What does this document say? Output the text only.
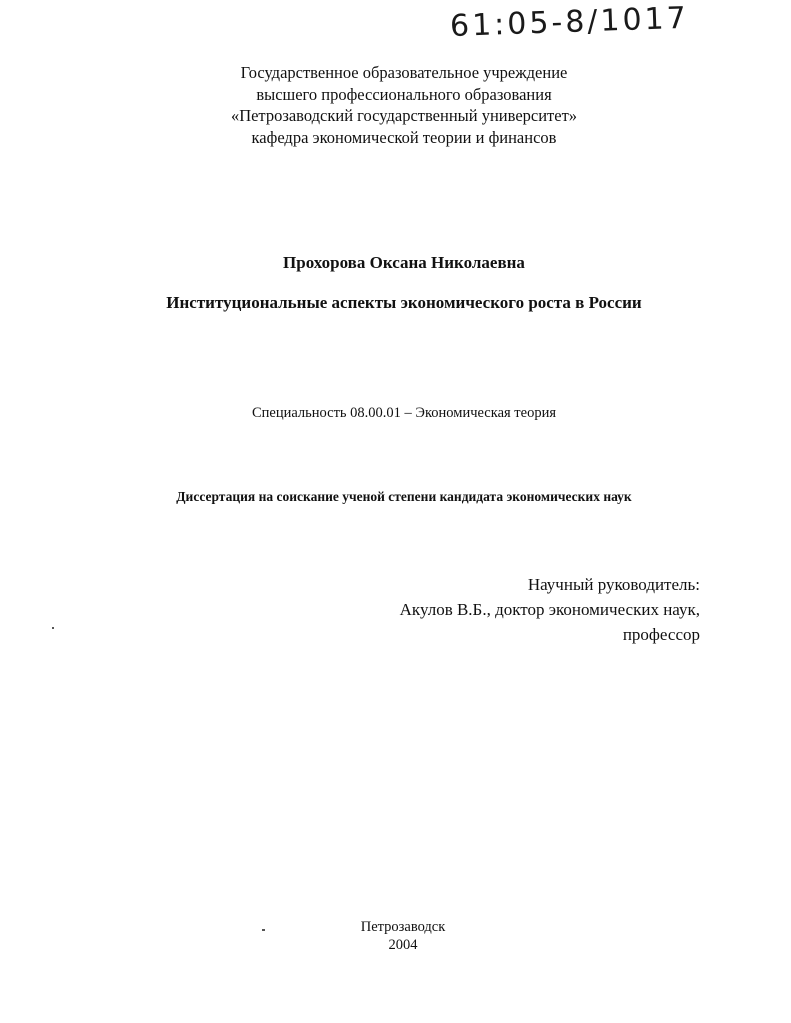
61:05-8/1017
Государственное образовательное учреждение
высшего профессионального образования
«Петрозаводский государственный университет»
кафедра экономической теории и финансов
Прохорова Оксана Николаевна
Институциональные аспекты экономического роста в России
Специальность 08.00.01 – Экономическая теория
Диссертация на соискание ученой степени кандидата экономических наук
Научный руководитель:
Акулов В.Б., доктор экономических наук,
профессор
Петрозаводск
2004
